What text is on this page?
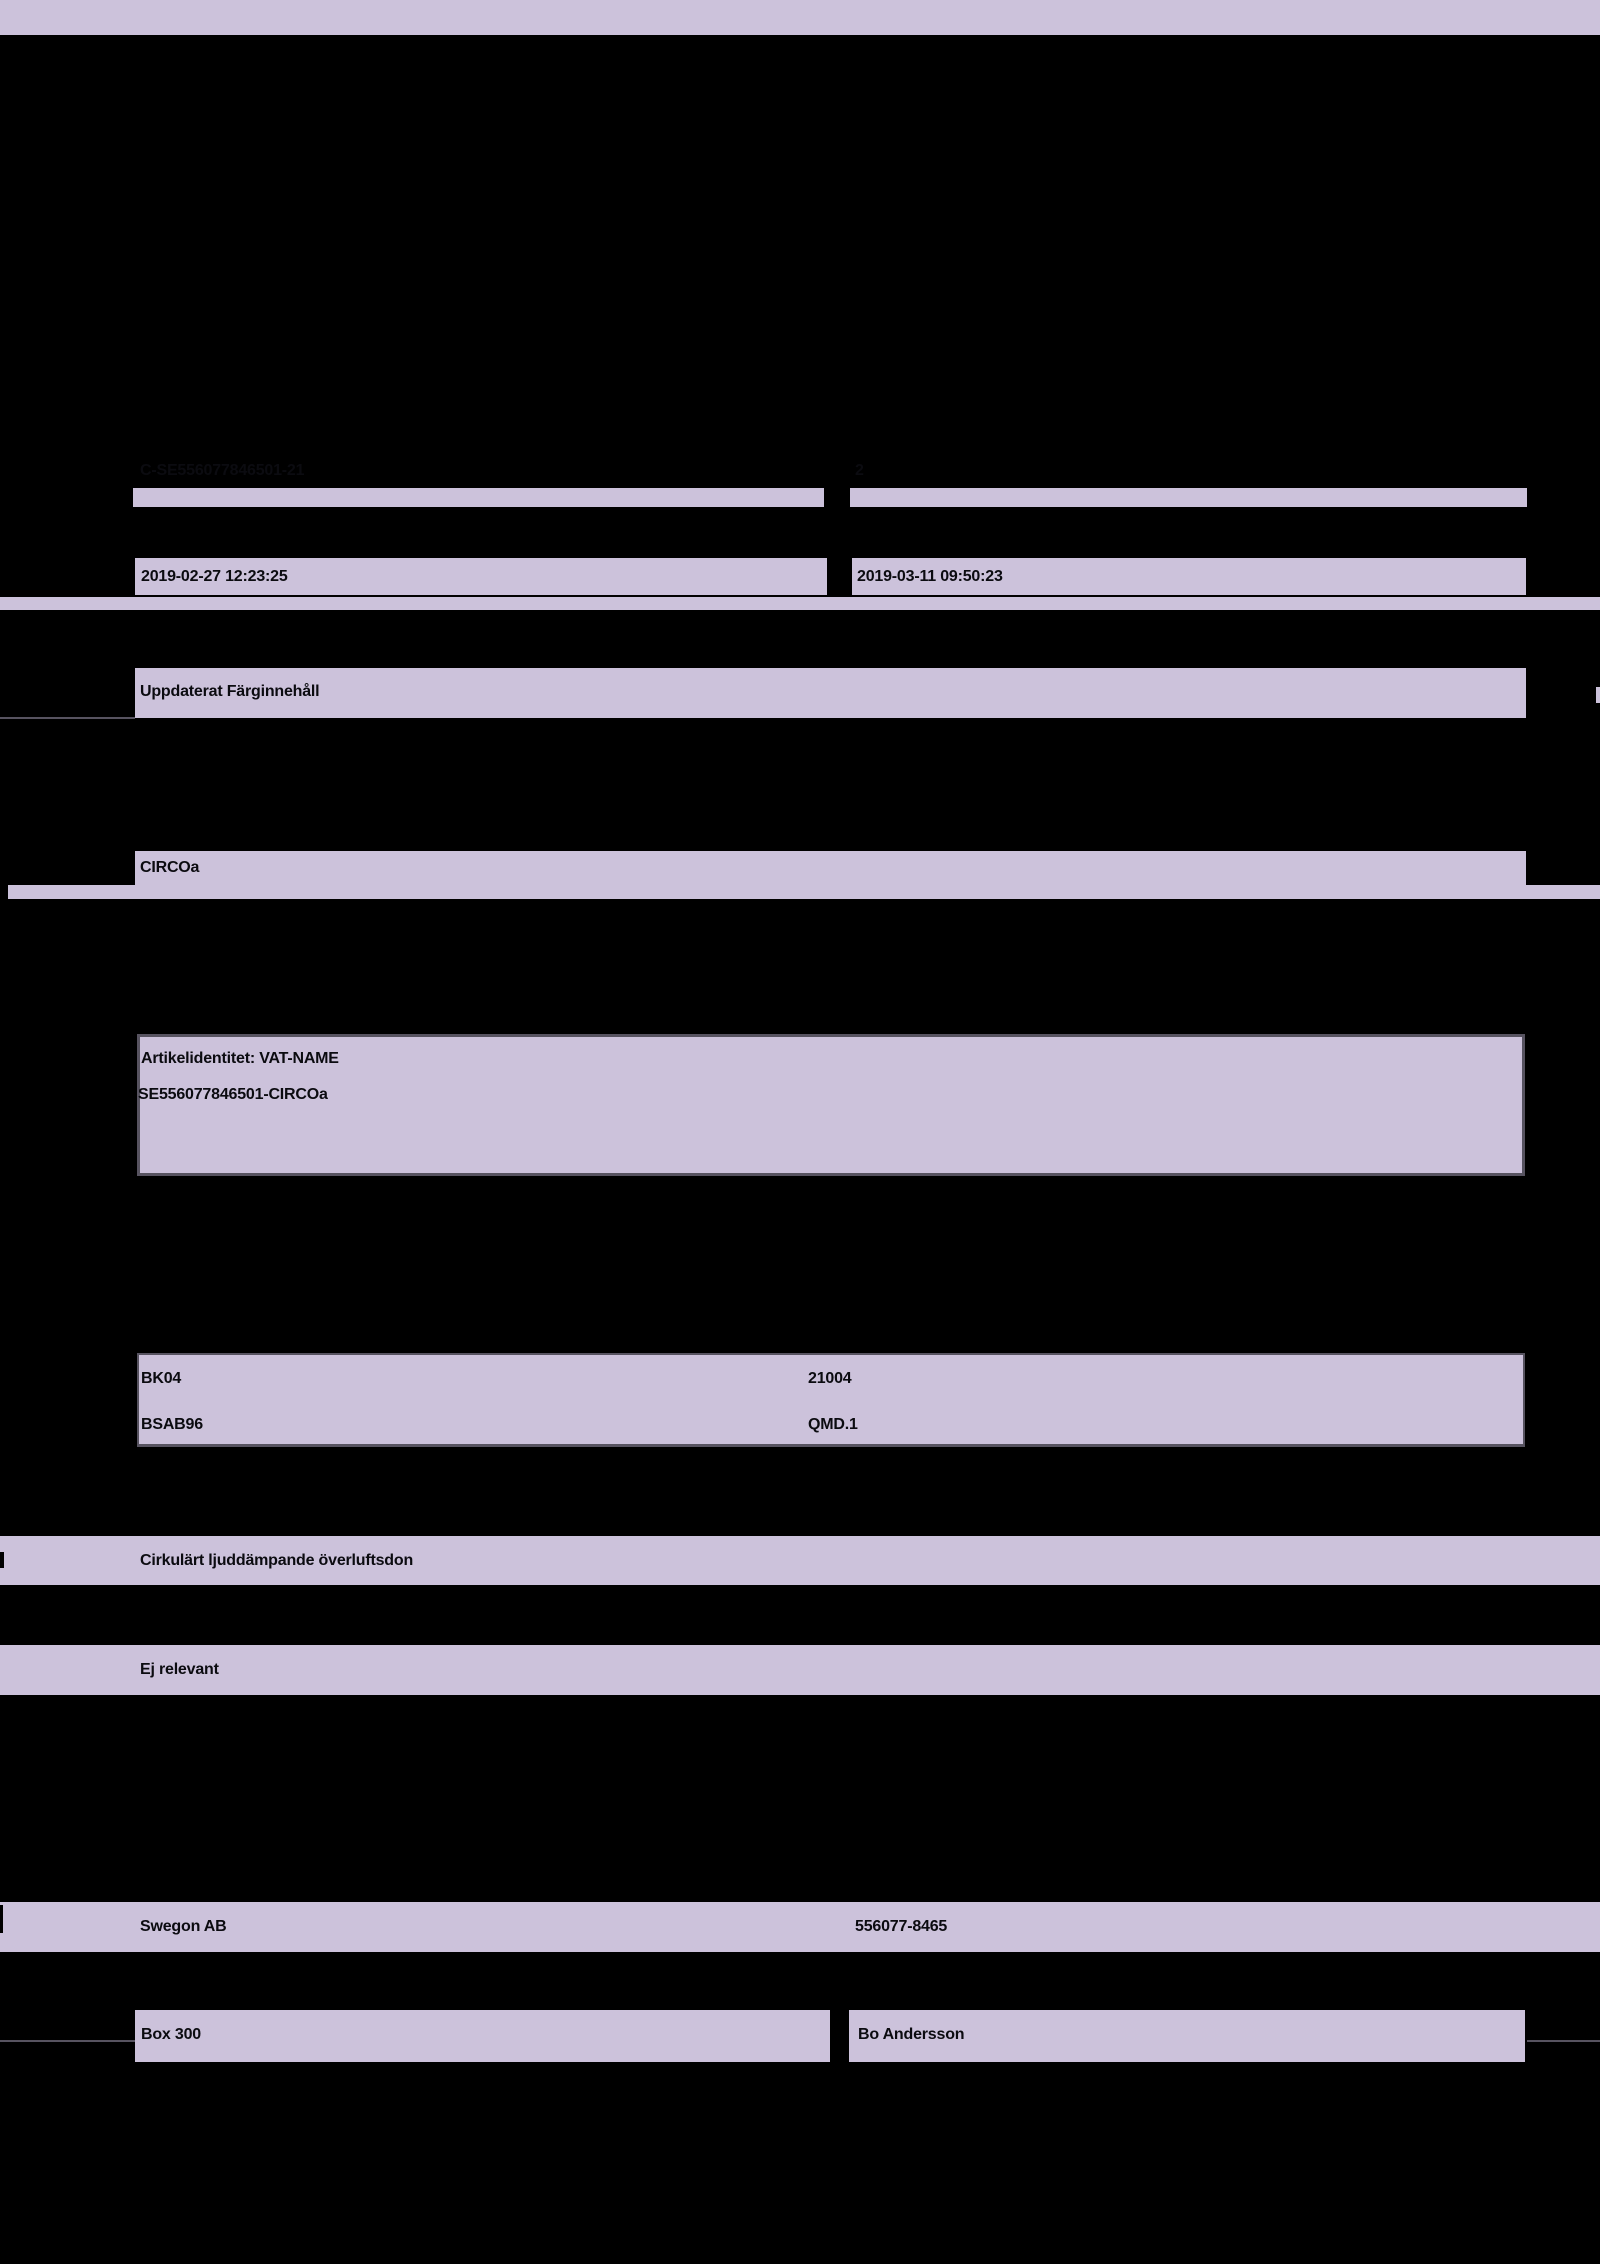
C-SE556077846501-21	2
2019-02-27 12:23:25	2019-03-11 09:50:23
Uppdaterat Färginnehåll
CIRCOa
Artikelidentitet: VAT-NAME
SE556077846501-CIRCOa
BK04	21004
BSAB96	QMD.1
Cirkulärt ljuddämpande överluftsdon
Ej relevant
Swegon AB	556077-8465
Box 300	Bo Andersson
